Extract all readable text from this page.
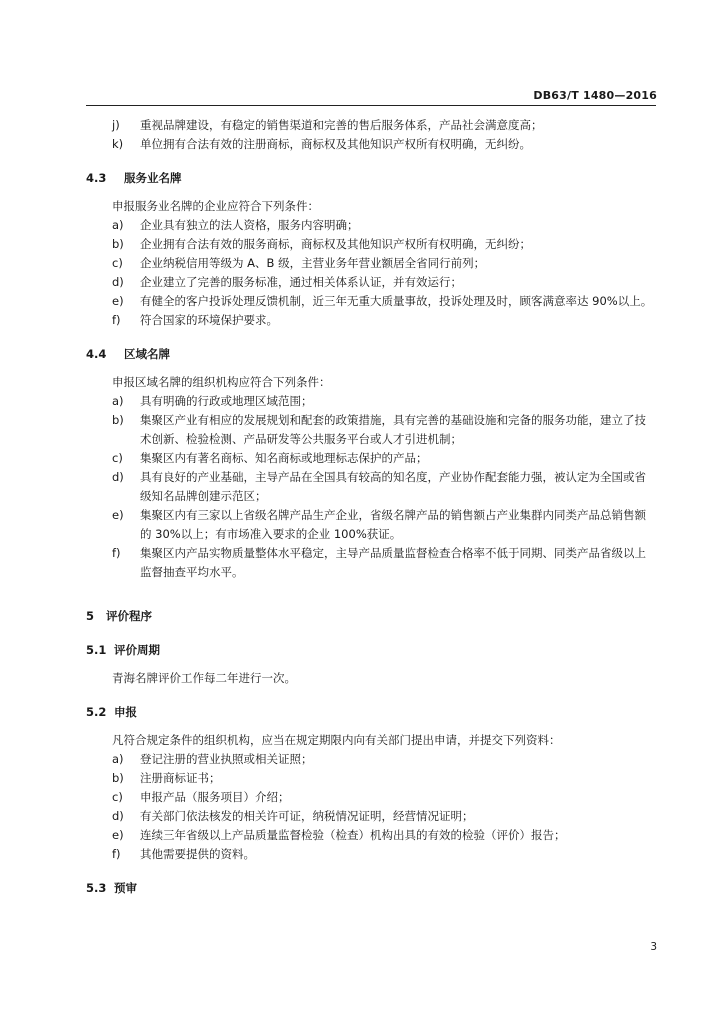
DB63/T 1480—2016
j)	重视品牌建设，有稳定的销售渠道和完善的售后服务体系，产品社会满意度高；
k)	单位拥有合法有效的注册商标，商标权及其他知识产权所有权明确，无纠纷。
4.3 服务业名牌

申报服务业名牌的企业应符合下列条件：

a)	企业具有独立的法人资格，服务内容明确；
b)	企业拥有合法有效的服务商标，商标权及其他知识产权所有权明确，无纠纷；
c)	企业纳税信用等级为 A、B 级，主营业务年营业额居全省同行前列；
d)	企业建立了完善的服务标准，通过相关体系认证，并有效运行；
e)	有健全的客户投诉处理反馈机制，近三年无重大质量事故，投诉处理及时，顾客满意率达 90%以上。
f)	符合国家的环境保护要求。
4.4 区域名牌

申报区域名牌的组织机构应符合下列条件：

a)	具有明确的行政或地理区域范围；
b)	集聚区产业有相应的发展规划和配套的政策措施，具有完善的基础设施和完备的服务功能，建立了技术创新、检验检测、产品研发等公共服务平台或人才引进机制；
c)	集聚区内有著名商标、知名商标或地理标志保护的产品；
d)	具有良好的产业基础，主导产品在全国具有较高的知名度，产业协作配套能力强，被认定为全国或省级知名品牌创建示范区；
e)	集聚区内有三家以上省级名牌产品生产企业，省级名牌产品的销售额占产业集群内同类产品总销售额的 30%以上；有市场准入要求的企业 100%获证。
f)	集聚区内产品实物质量整体水平稳定，主导产品质量监督检查合格率不低于同期、同类产品省级以上监督抽查平均水平。
5 评价程序
5.1 评价周期

青海名牌评价工作每二年进行一次。

5.2 申报

凡符合规定条件的组织机构，应当在规定期限内向有关部门提出申请，并提交下列资料：

a)	登记注册的营业执照或相关证照；
b)	注册商标证书；
c)	申报产品（服务项目）介绍；
d)	有关部门依法核发的相关许可证，纳税情况证明，经营情况证明；
e)	连续三年省级以上产品质量监督检验（检查）机构出具的有效的检验（评价）报告；
f)	其他需要提供的资料。
5.3 预审
3
